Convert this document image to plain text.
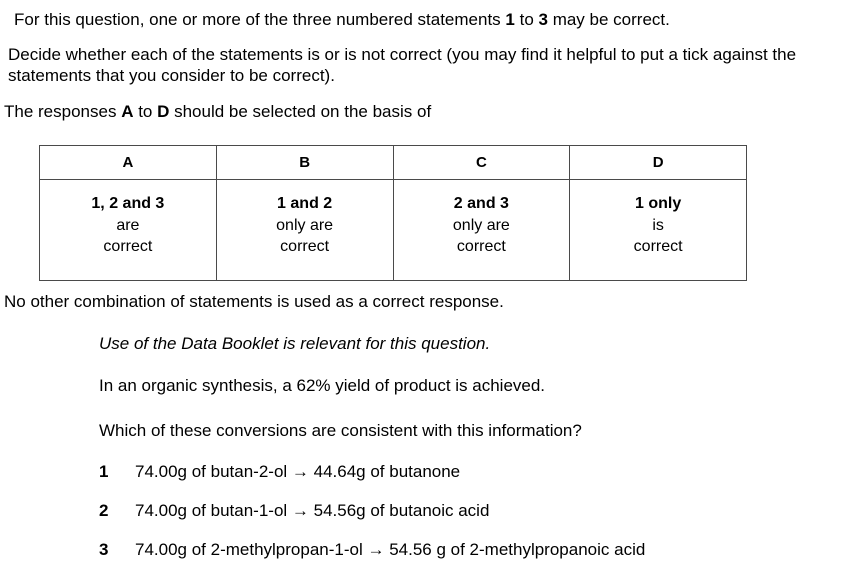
For this question, one or more of the three numbered statements 1 to 3 may be correct.
Decide whether each of the statements is or is not correct (you may find it helpful to put a tick against the statements that you consider to be correct).
The responses A to D should be selected on the basis of
A	B	C	D

1, 2 and 3
are
correct	1 and 2
only are
correct	2 and 3
only are
correct	1 only
is
correct
No other combination of statements is used as a correct response.
Use of the Data Booklet is relevant for this question.
In an organic synthesis, a 62% yield of product is achieved.
Which of these conversions are consistent with this information?
1 74.00g of butan-2-ol → 44.64g of butanone
2 74.00g of butan-1-ol → 54.56g of butanoic acid
3 74.00g of 2-methylpropan-1-ol → 54.56 g of 2-methylpropanoic acid
